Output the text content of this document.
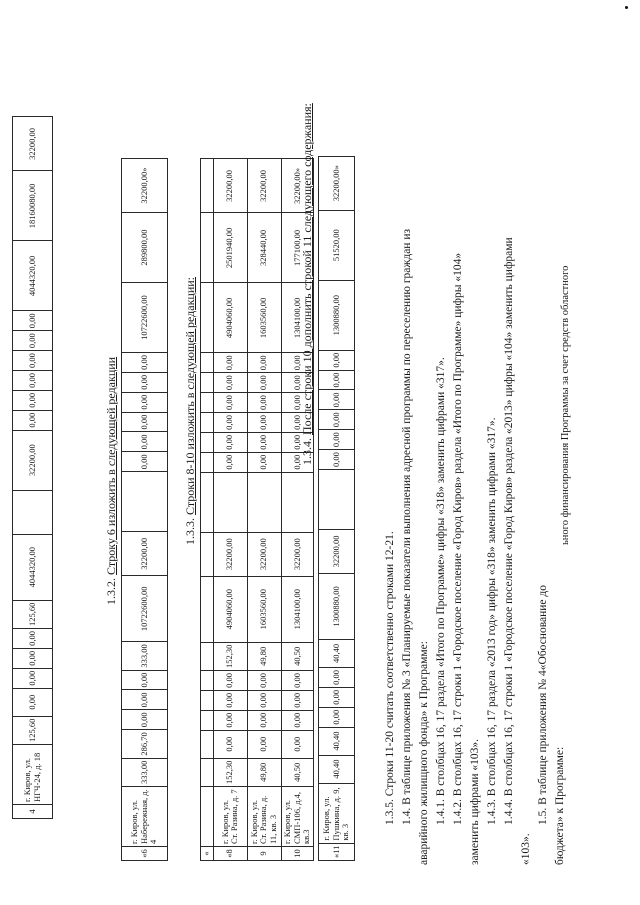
4	г. Киров, ул. НГЧ-24, д. 18	125,60	0,00	0,00	0,00	0,00	125,60	4044320,00		32200,00	0,00	0,00	0,00	0,00	0,00	0,00	4044320,00	18160080,00	32200,00
1.3.2. Строку 6 изложить в следующей редакции
«6	г. Киров, ул. Набережная, д. 4	333,00	286,70	0,00	0,00	0,00	333,00	10722600,00	32200,00		0,00	0,00	0,00	0,00	0,00	0,00	10722600,00	289800,00	32200,00»
1.3.3. Строки 8-10 изложить в следующей редакции:
«																			
«8	г. Киров, ул. Ст. Разина, д. 7	152,30	0,00	0,00	0,00	0,00	152,30	4904060,00	32200,00		0,00	0,00	0,00	0,00	0,00	0,00	4904060,00	2501940,00	32200,00
9	г. Киров, ул. Ст. Разина, д. 11, кв. 3	49,80	0,00	0,00	0,00	0,00	49,80	1603560,00	32200,00		0,00	0,00	0,00	0,00	0,00	0,00	1603560,00	328440,00	32200,00
10	г. Киров, ул. СМП-106, д.4, кв.3	40,50	0,00	0,00	0,00	0,00	40,50	1304100,00	32200,00		0,00	0,00	0,00	0,00	0,00	0,00	1304100,00	177100,00	32200,00»
1.3.4. После строки 10 дополнить строкой 11 следующего содержания:
«11	г. Киров, ул. Пушкина, д. 9, кв. 3	40,40	40,40	0,00	0,00	0,00	40,40	1300880,00	32200,00		0,00	0,00	0,00	0,00	0,00	0,00	1300880,00	51520,00	32200,00»
1.3.5. Строки 11-20 считать соответственно строками 12-21. 1.4. В таблице приложения № 3 «Планируемые показатели выполнения адресной программы по переселению граждан из аварийного жилищного фонда» к Программе: 1.4.1. В столбцах 16, 17 раздела «Итого по Программе» цифры «318» заменить цифрами «317». 1.4.2. В столбцах 16, 17 строки 1 «Городское поселение «Город Киров» раздела «Итого по Программе» цифры «104» заменить цифрами «103». 1.4.3. В столбцах 16, 17 раздела «2013 год» цифры «318» заменить цифрами «317». 1.4.4. В столбцах 16, 17 строки 1 «Городское поселение «Город Киров» раздела «2013» цифры «104» заменить цифрами
«103».
1.5. В таблице приложения № 4«Обоснование до бюджета» к Программе:
ьного финансирования Программы за счет средств областного
